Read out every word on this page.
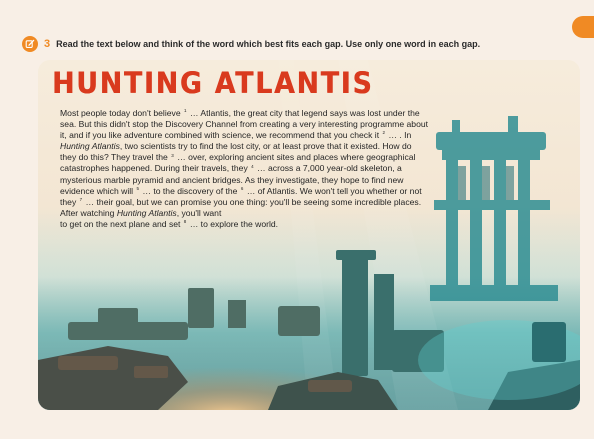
3 Read the text below and think of the word which best fits each gap. Use only one word in each gap.
HUNTING ATLANTIS

Most people today don't believe $^1$ … Atlantis, the great city that legend says was lost under the sea. But this didn't stop the Discovery Channel from creating a very interesting programme about it, and if you like adventure combined with science, we recommend that you check it $^2$ … . In Hunting Atlantis, two scientists try to find the lost city, or at least prove that it existed. How do they do this? They travel the $^3$ … over, exploring ancient sites and places where geographical catastrophes happened. During their travels, they $^4$ … across a 7,000 year-old skeleton, a mysterious marble pyramid and ancient bridges. As they investigate, they hope to find new evidence which will $^5$ … to the discovery of the $^6$ … of Atlantis. We won't tell you whether or not they $^7$ … their goal, but we can promise you one thing: you'll be seeing some incredible places. After watching Hunting Atlantis, you'll want

to get on the next plane and set $^8$ … to explore the world.
